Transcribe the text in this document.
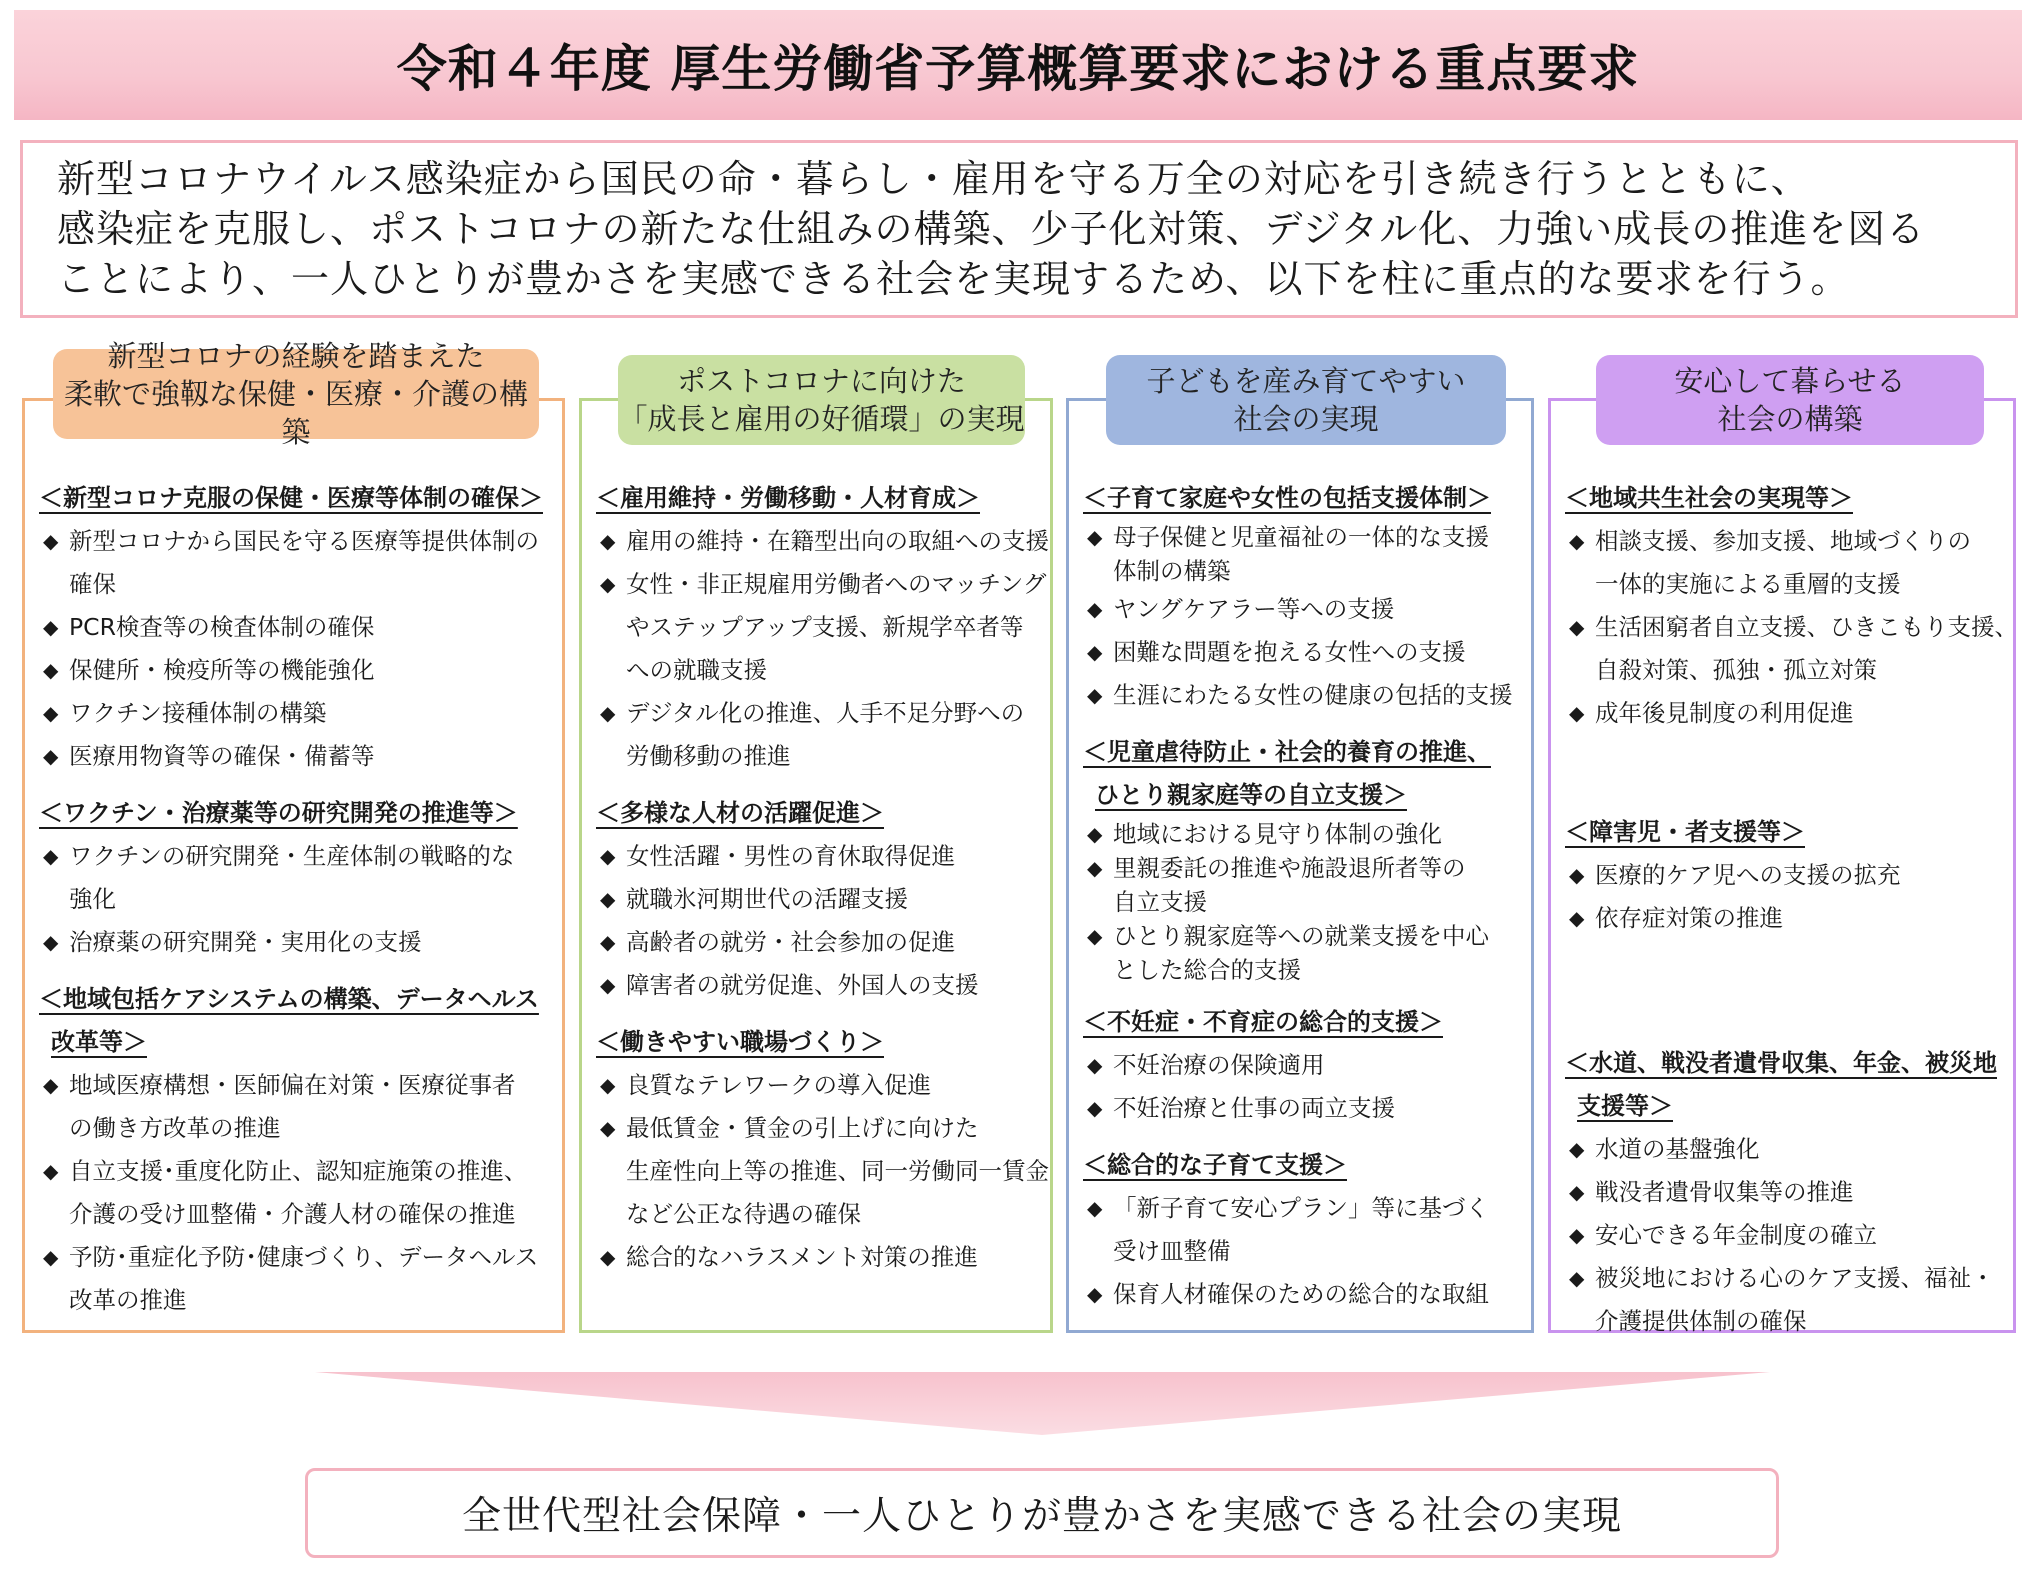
令和４年度 厚生労働省予算概算要求における重点要求

新型コロナウイルス感染症から国民の命・暮らし・雇用を守る万全の対応を引き続き行うとともに、

感染症を克服し、ポストコロナの新たな仕組みの構築、少子化対策、デジタル化、力強い成長の推進を図る

ことにより、一人ひとりが豊かさを実感できる社会を実現するため、以下を柱に重点的な要求を行う。

新型コロナの経験を踏まえた
柔軟で強靱な保健・医療・介護の構築
＜新型コロナ克服の保健・医療等体制の確保＞
◆ 新型コロナから国民を守る医療等提供体制の
確保
◆ PCR検査等の検査体制の確保
◆ 保健所・検疫所等の機能強化
◆ ワクチン接種体制の構築
◆ 医療用物資等の確保・備蓄等
＜ワクチン・治療薬等の研究開発の推進等＞
◆ ワクチンの研究開発・生産体制の戦略的な
強化
◆ 治療薬の研究開発・実用化の支援
＜地域包括ケアシステムの構築、データヘルス
改革等＞
◆ 地域医療構想・医師偏在対策・医療従事者
の働き方改革の推進
◆ 自立支援･重度化防止、認知症施策の推進、
介護の受け皿整備・介護人材の確保の推進
◆ 予防･重症化予防･健康づくり、データヘルス
改革の推進
ポストコロナに向けた
「成長と雇用の好循環」の実現
＜雇用維持・労働移動・人材育成＞
◆ 雇用の維持・在籍型出向の取組への支援
◆ 女性・非正規雇用労働者へのマッチング
やステップアップ支援、新規学卒者等
への就職支援
◆ デジタル化の推進、人手不足分野への
労働移動の推進
＜多様な人材の活躍促進＞
◆ 女性活躍・男性の育休取得促進
◆ 就職氷河期世代の活躍支援
◆ 高齢者の就労・社会参加の促進
◆ 障害者の就労促進、外国人の支援
＜働きやすい職場づくり＞
◆ 良質なテレワークの導入促進
◆ 最低賃金・賃金の引上げに向けた
生産性向上等の推進、同一労働同一賃金
など公正な待遇の確保
◆ 総合的なハラスメント対策の推進
子どもを産み育てやすい
社会の実現
＜子育て家庭や女性の包括支援体制＞
◆ 母子保健と児童福祉の一体的な支援
体制の構築
◆ ヤングケアラー等への支援
◆ 困難な問題を抱える女性への支援
◆ 生涯にわたる女性の健康の包括的支援
＜児童虐待防止・社会的養育の推進、
ひとり親家庭等の自立支援＞
◆ 地域における見守り体制の強化
◆ 里親委託の推進や施設退所者等の
自立支援
◆ ひとり親家庭等への就業支援を中心
とした総合的支援
＜不妊症・不育症の総合的支援＞
◆ 不妊治療の保険適用
◆ 不妊治療と仕事の両立支援
＜総合的な子育て支援＞
◆ 「新子育て安心プラン」等に基づく
受け皿整備
◆ 保育人材確保のための総合的な取組
安心して暮らせる
社会の構築
＜地域共生社会の実現等＞
◆ 相談支援、参加支援、地域づくりの
一体的実施による重層的支援
◆ 生活困窮者自立支援、ひきこもり支援、
自殺対策、孤独・孤立対策
◆ 成年後見制度の利用促進
＜障害児・者支援等＞
◆ 医療的ケア児への支援の拡充
◆ 依存症対策の推進
＜水道、戦没者遺骨収集、年金、被災地
支援等＞
◆ 水道の基盤強化
◆ 戦没者遺骨収集等の推進
◆ 安心できる年金制度の確立
◆ 被災地における心のケア支援、福祉・
介護提供体制の確保

全世代型社会保障・一人ひとりが豊かさを実感できる社会の実現
